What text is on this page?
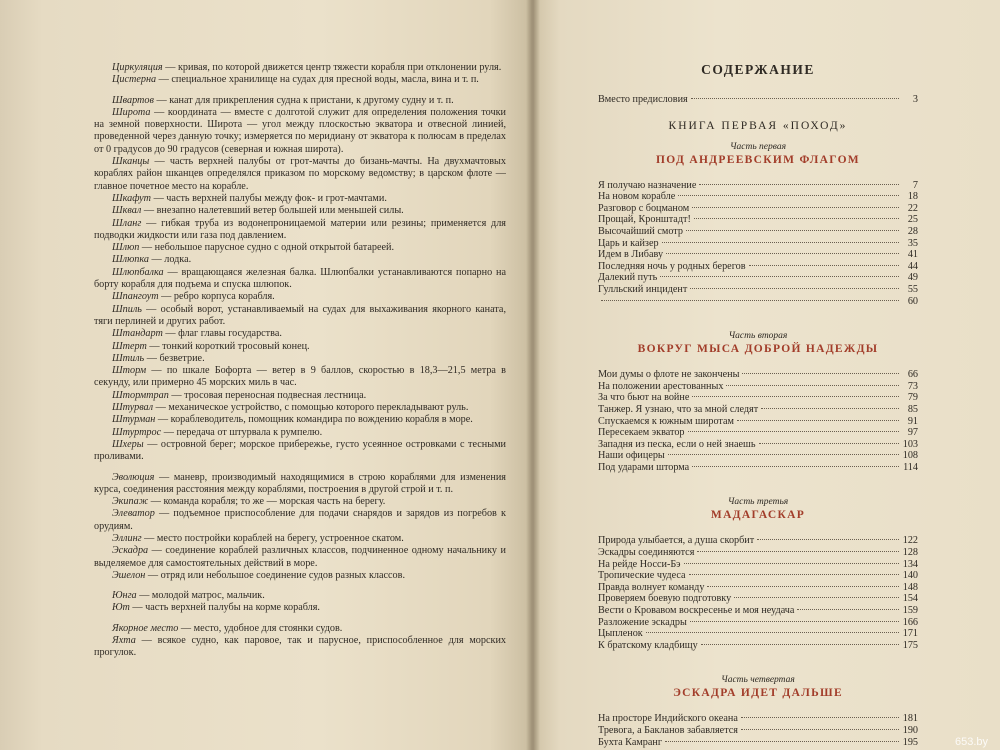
Циркуляция — кривая, по которой движется центр тяжести корабля при отклонении руля.

Цистерна — специальное хранилище на судах для пресной воды, масла, вина и т. п.

Швартов — канат для прикрепления судна к пристани, к другому судну и т. п.

Широта — координата — вместе с долготой служит для определения положения точки на земной поверхности. Широта — угол между плоскостью экватора и отвесной линией, проведенной через данную точку; измеряется по меридиану от экватора к полюсам в пределах от 0 градусов до 90 градусов (северная и южная широта).

Шканцы — часть верхней палубы от грот-мачты до бизань-мачты. На двухмачтовых кораблях район шканцев определялся приказом по морскому ведомству; в царском флоте — главное почетное место на корабле.

Шкафут — часть верхней палубы между фок- и грот-мачтами.

Шквал — внезапно налетевший ветер большей или меньшей силы.

Шланг — гибкая труба из водонепроницаемой материи или резины; применяется для подводки жидкости или газа под давлением.

Шлюп — небольшое парусное судно с одной открытой батареей.

Шлюпка — лодка.

Шлюпбалка — вращающаяся железная балка. Шлюпбалки устанавливаются попарно на борту корабля для подъема и спуска шлюпок.

Шпангоут — ребро корпуса корабля.

Шпиль — особый ворот, устанавливаемый на судах для выхаживания якорного каната, тяги перлиней и других работ.

Штандарт — флаг главы государства.

Штерт — тонкий короткий тросовый конец.

Штиль — безветрие.

Шторм — по шкале Бофорта — ветер в 9 баллов, скоростью в 18,3—21,5 метра в секунду, или примерно 45 морских миль в час.

Штормтрап — тросовая переносная подвесная лестница.

Штурвал — механическое устройство, с помощью которого перекладывают руль.

Штурман — кораблеводитель, помощник командира по вождению корабля в море.

Штуртрос — передача от штурвала к румпелю.

Шхеры — островной берег; морское прибережье, густо усеянное островками с тесными проливами.

Эволюция — маневр, производимый находящимися в строю кораблями для изменения курса, соединения расстояния между кораблями, построения в другой строй и т. п.

Экипаж — команда корабля; то же — морская часть на берегу.

Элеватор — подъемное приспособление для подачи снарядов и зарядов из погребов к орудиям.

Эллинг — место постройки кораблей на берегу, устроенное скатом.

Эскадра — соединение кораблей различных классов, подчиненное одному начальнику и выделяемое для самостоятельных действий в море.

Эшелон — отряд или небольшое соединение судов разных классов.

Юнга — молодой матрос, мальчик.

Ют — часть верхней палубы на корме корабля.

Якорное место — место, удобное для стоянки судов.

Яхта — всякое судно, как паровое, так и парусное, приспособленное для морских прогулок.

СОДЕРЖАНИЕ
Вместо предисловия	3
КНИГА ПЕРВАЯ «ПОХОД»
Часть первая
ПОД АНДРЕЕВСКИМ ФЛАГОМ
Я получаю назначение	7
На новом корабле	18
Разговор с боцманом	22
Прощай, Кронштадт!	25
Высочайший смотр	28
Царь и кайзер	35
Идем в Либаву	41
Последняя ночь у родных берегов	44
Далекий путь	49
Гулльский инцидент	55
60
Часть вторая
ВОКРУГ МЫСА ДОБРОЙ НАДЕЖДЫ
Мои думы о флоте не закончены	66
На положении арестованных	73
За что бьют на войне	79
Танжер. Я узнаю, что за мной следят	85
Спускаемся к южным широтам	91
Пересекаем экватор	97
Западня из песка, если о ней знаешь	103
Наши офицеры	108
Под ударами шторма	114
Часть третья
МАДАГАСКАР
Природа улыбается, а душа скорбит	122
Эскадры соединяются	128
На рейде Носси-Бэ	134
Тропические чудеса	140
Правда волнует команду	148
Проверяем боевую подготовку	154
Вести о Кровавом воскресенье и моя неудача	159
Разложение эскадры	166
Цыпленок	171
К братскому кладбищу	175
Часть четвертая
ЭСКАДРА ИДЕТ ДАЛЬШЕ
На просторе Индийского океана	181
Тревога, а Бакланов забавляется	190
Бухта Камранг	195	653.by
